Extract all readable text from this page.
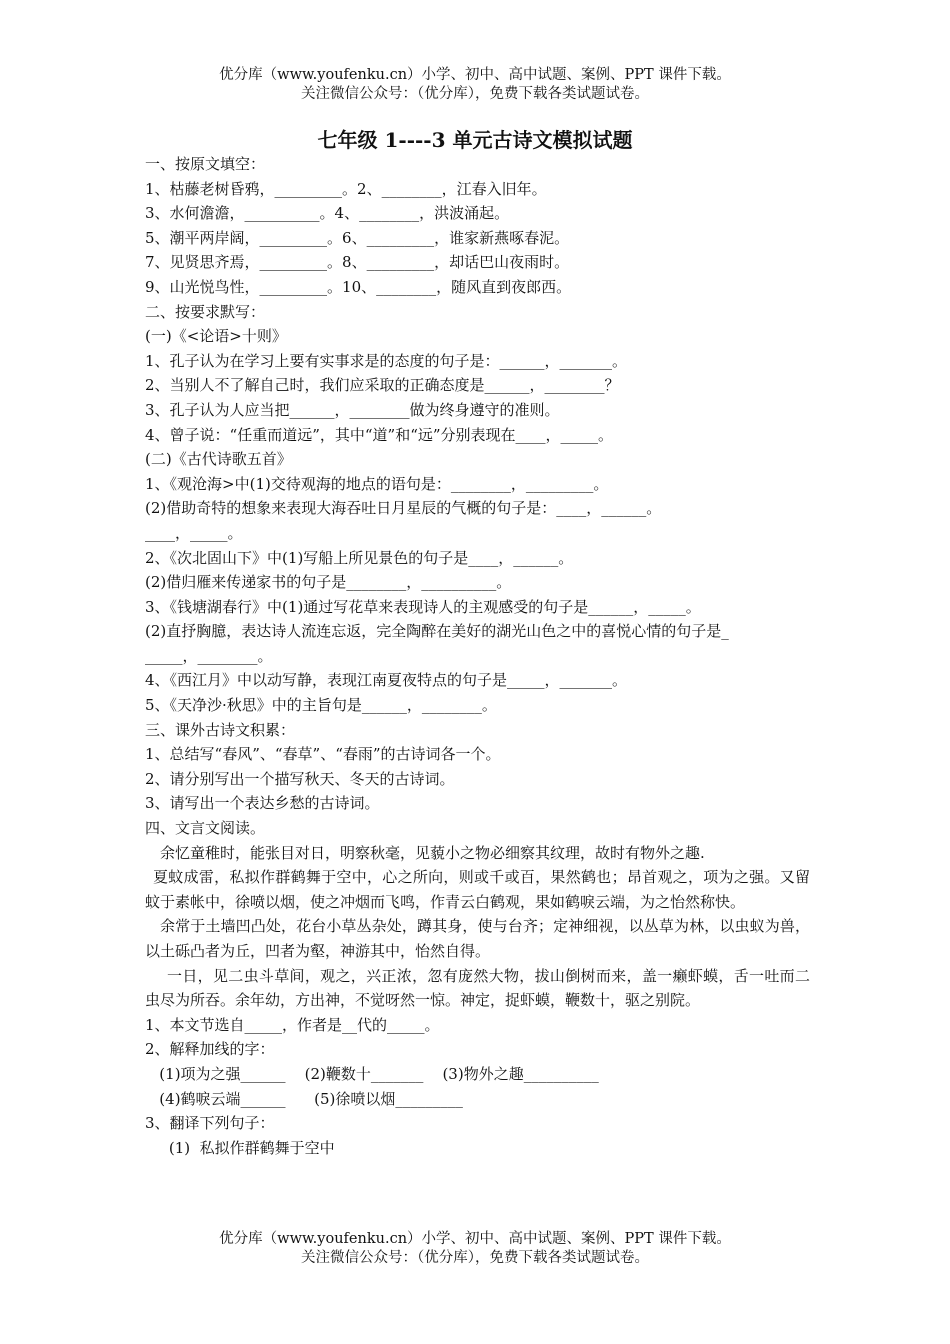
优分库（www.youfenku.cn）小学、初中、高中试题、案例、PPT 课件下载。
关注微信公众号：（优分库），免费下载各类试题试卷。
七年级 1----3 单元古诗文模拟试题

一、按原文填空：

1、枯藤老树昏鸦，_________。2、________，江春入旧年。

3、水何澹澹，__________。4、________，洪波涌起。

5、潮平两岸阔，_________。6、_________，谁家新燕啄春泥。

7、见贤思齐焉，_________。8、_________，却话巴山夜雨时。

9、山光悦鸟性，_________。10、________，随风直到夜郎西。

二、按要求默写：

(一)《<论语>十则》

1、孔子认为在学习上要有实事求是的态度的句子是：______，_______。

2、当别人不了解自己时，我们应采取的正确态度是______，________？

3、孔子认为人应当把______，________做为终身遵守的准则。

4、曾子说：“任重而道远”，其中“道”和“远”分别表现在____，_____。

(二)《古代诗歌五首》

1、《观沧海>中(1)交待观海的地点的语句是：________，_________。

(2)借助奇特的想象来表现大海吞吐日月星辰的气概的句子是：____，______。

____，_____。

2、《次北固山下》中(1)写船上所见景色的句子是____，______。

(2)借归雁来传递家书的句子是________，__________。

3、《钱塘湖春行》中(1)通过写花草来表现诗人的主观感受的句子是______，_____。

(2)直抒胸臆，表达诗人流连忘返，完全陶醉在美好的湖光山色之中的喜悦心情的句子是_

_____，________。

4、《西江月》中以动写静，表现江南夏夜特点的句子是_____，_______。

5、《天净沙·秋思》中的主旨句是______，________。

三、课外古诗文积累：

1、总结写“春风”、“春草”、“春雨”的古诗词各一个。

2、请分别写出一个描写秋天、冬天的古诗词。

3、请写出一个表达乡愁的古诗词。

四、文言文阅读。

余忆童稚时，能张目对日，明察秋毫，见藐小之物必细察其纹理，故时有物外之趣.

夏蚊成雷，私拟作群鹤舞于空中，心之所向，则或千或百，果然鹤也；昂首观之，项为之强。又留蚊于素帐中，徐喷以烟，使之冲烟而飞鸣，作青云白鹤观，果如鹤唳云端，为之怡然称快。

余常于土墙凹凸处，花台小草丛杂处，蹲其身，使与台齐；定神细视，以丛草为林，以虫蚁为兽，以土砾凸者为丘，凹者为壑，神游其中，怡然自得。

一日，见二虫斗草间，观之，兴正浓，忽有庞然大物，拔山倒树而来，盖一癞虾蟆，舌一吐而二虫尽为所吞。余年幼，方出神，不觉呀然一惊。神定，捉虾蟆，鞭数十，驱之别院。

1、本文节选自_____，作者是__代的_____。

2、解释加线的字：

(1)项为之强______    (2)鞭数十_______    (3)物外之趣__________

(4)鹤唳云端______      (5)徐喷以烟_________

3、翻译下列句子：

(1)  私拟作群鹤舞于空中

优分库（www.youfenku.cn）小学、初中、高中试题、案例、PPT 课件下载。
关注微信公众号：（优分库），免费下载各类试题试卷。
